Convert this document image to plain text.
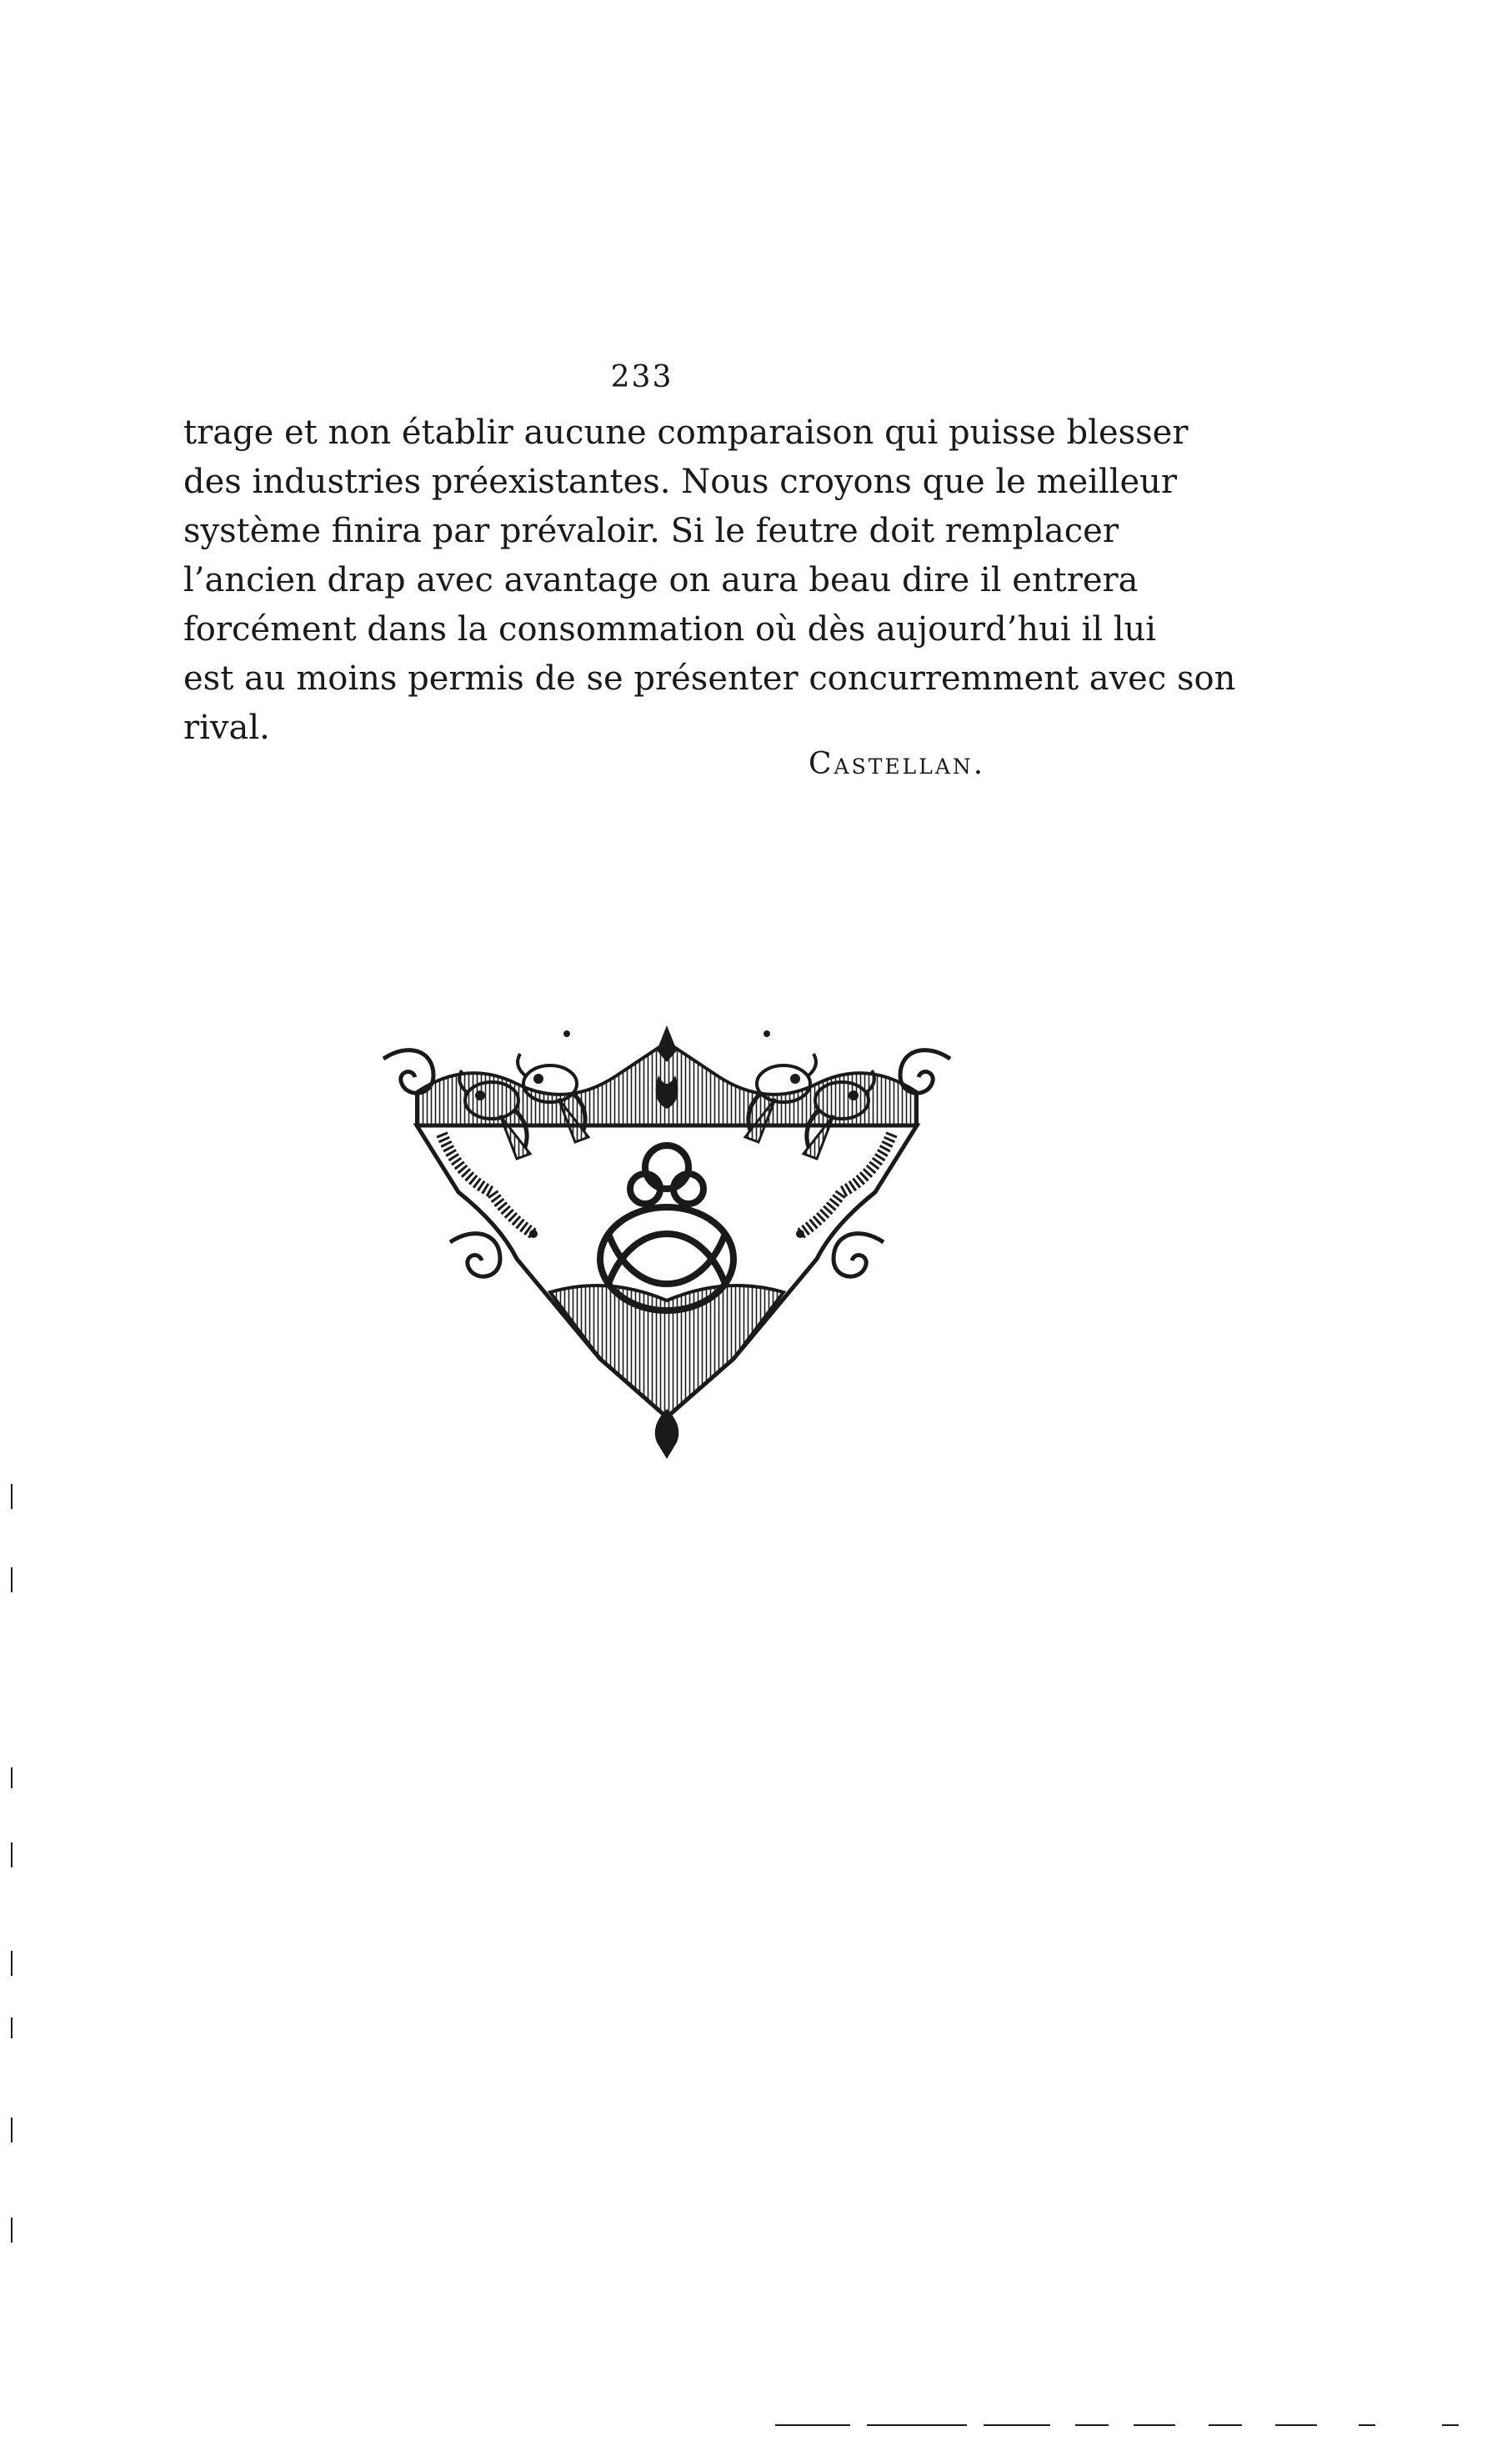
233
trage et non établir aucune comparaison qui puisse blesser
des industries préexistantes. Nous croyons que le meilleur
système finira par prévaloir. Si le feutre doit remplacer
l’ancien drap avec avantage on aura beau dire il entrera
forcément dans la consommation où dès aujourd’hui il lui
est au moins permis de se présenter concurremment avec son
rival.
Castellan.
